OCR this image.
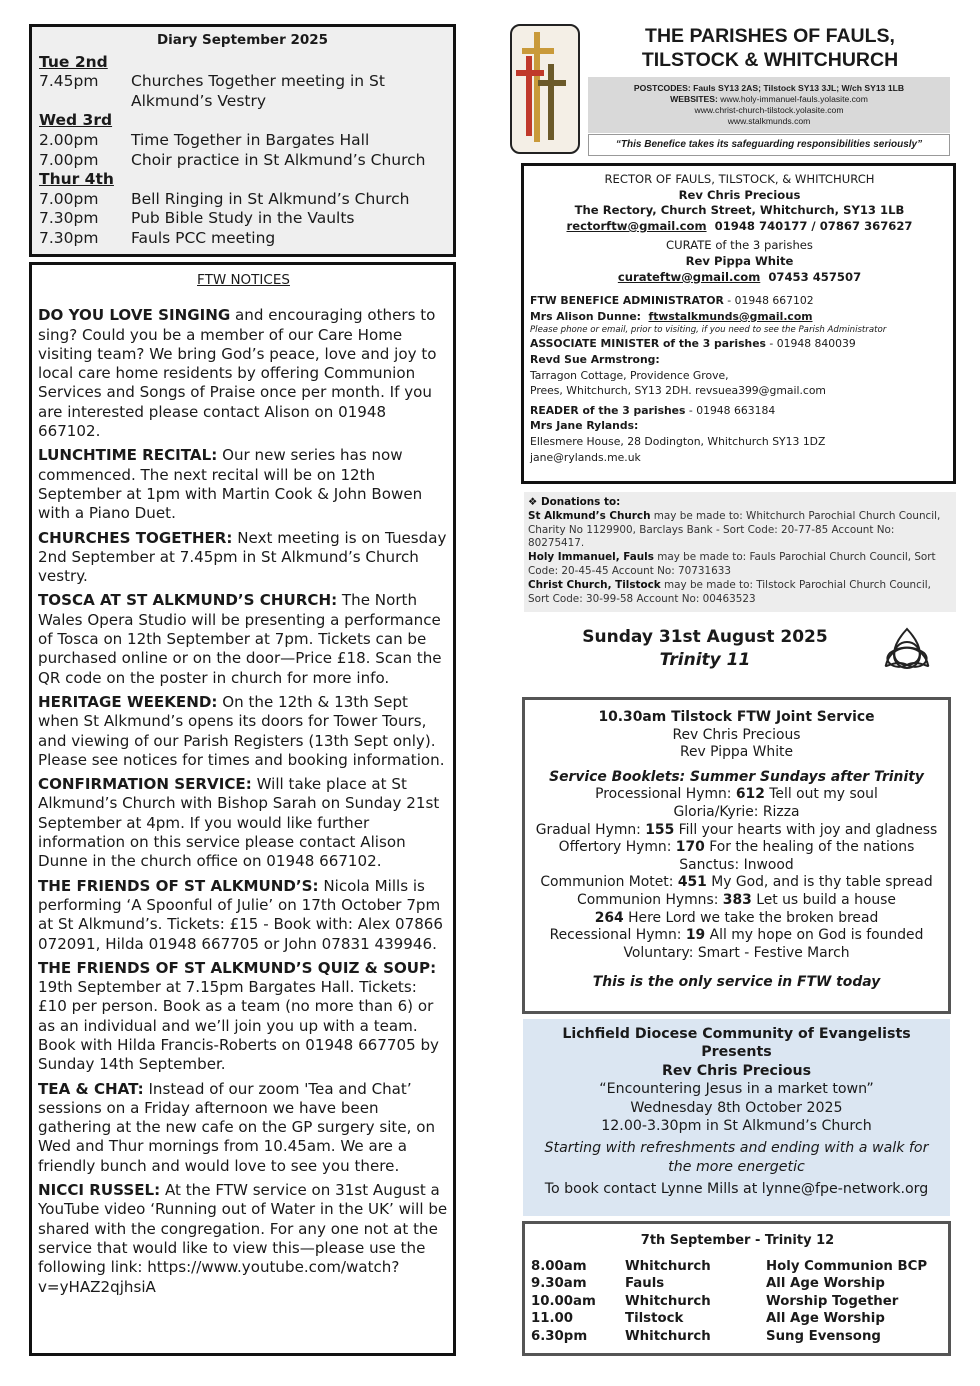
Diary September 2025
Tue 2nd
7.45pm	Churches Together meeting in St Alkmund’s Vestry
Wed 3rd
2.00pm	Time Together in Bargates Hall
7.00pm	Choir practice in St Alkmund’s Church
Thur 4th
7.00pm	Bell Ringing in St Alkmund’s Church
7.30pm	Pub Bible Study in the Vaults
7.30pm	Fauls PCC meeting
FTW NOTICES
DO YOU LOVE SINGING and encouraging others to sing? Could you be a member of our Care Home visiting team? We bring God’s peace, love and joy to local care home residents by offering Communion Services and Songs of Praise once per month. If you are interested please contact Alison on 01948 667102.
LUNCHTIME RECITAL: Our new series has now commenced. The next recital will be on 12th September at 1pm with Martin Cook & John Bowen with a Piano Duet.
CHURCHES TOGETHER: Next meeting is on Tuesday 2nd September at 7.45pm in St Alkmund’s Church vestry.
TOSCA AT ST ALKMUND’S CHURCH: The North Wales Opera Studio will be presenting a performance of Tosca on 12th September at 7pm. Tickets can be purchased online or on the door—Price £18. Scan the QR code on the poster in church for more info.
HERITAGE WEEKEND: On the 12th & 13th Sept when St Alkmund’s opens its doors for Tower Tours, and viewing of our Parish Registers (13th Sept only). Please see notices for times and booking information.
CONFIRMATION SERVICE: Will take place at St Alkmund’s Church with Bishop Sarah on Sunday 21st September at 4pm. If you would like further information on this service please contact Alison Dunne in the church office on 01948 667102.
THE FRIENDS OF ST ALKMUND’S: Nicola Mills is performing ‘A Spoonful of Julie’ on 17th October 7pm at St Alkmund’s. Tickets: £15 - Book with: Alex 07866 072091, Hilda 01948 667705 or John 07831 439946.
THE FRIENDS OF ST ALKMUND’S QUIZ & SOUP: 19th September at 7.15pm Bargates Hall. Tickets: £10 per person. Book as a team (no more than 6) or as an individual and we’ll join you up with a team. Book with Hilda Francis-Roberts on 01948 667705 by Sunday 14th September.
TEA & CHAT: Instead of our zoom 'Tea and Chat’ sessions on a Friday afternoon we have been gathering at the new cafe on the GP surgery site, on Wed and Thur mornings from 10.45am. We are a friendly bunch and would love to see you there.
NICCI RUSSEL: At the FTW service on 31st August a YouTube video ‘Running out of Water in the UK’ will be shared with the congregation. For any one not at the service that would like to view this—please use the following link: https://www.youtube.com/watch?v=yHAZ2qjhsiA
THE PARISHES OF FAULS,
TILSTOCK & WHITCHURCH
POSTCODES: Fauls SY13 2AS; Tilstock SY13 3JL; W/ch SY13 1LB
WEBSITES: www.holy-immanuel-fauls.yolasite.com
www.christ-church-tilstock.yolasite.com
www.stalkmunds.com
“This Benefice takes its safeguarding responsibilities seriously”
RECTOR OF FAULS, TILSTOCK, & WHITCHURCH
Rev Chris Precious
The Rectory, Church Street, Whitchurch, SY13 1LB
rectorftw@gmail.com 01948 740177 / 07867 367627
CURATE of the 3 parishes
Rev Pippa White
curateftw@gmail.com 07453 457507
FTW BENEFICE ADMINISTRATOR - 01948 667102
Mrs Alison Dunne: ftwstalkmunds@gmail.com
Please phone or email, prior to visiting, if you need to see the Parish Administrator
ASSOCIATE MINISTER of the 3 parishes - 01948 840039
Revd Sue Armstrong:
Tarragon Cottage, Providence Grove,
Prees, Whitchurch, SY13 2DH. revsuea399@gmail.com
READER of the 3 parishes - 01948 663184
Mrs Jane Rylands:
Ellesmere House, 28 Dodington, Whitchurch SY13 1DZ
jane@rylands.me.uk
❖ Donations to:
St Alkmund’s Church may be made to: Whitchurch Parochial Church Council, Charity No 1129900, Barclays Bank - Sort Code: 20-77-85 Account No: 80275417.
Holy Immanuel, Fauls may be made to: Fauls Parochial Church Council, Sort Code: 20-45-45 Account No: 70731633
Christ Church, Tilstock may be made to: Tilstock Parochial Church Council, Sort Code: 30-99-58 Account No: 00463523
Sunday 31st August 2025
Trinity 11
10.30am Tilstock FTW Joint Service
Rev Chris Precious
Rev Pippa White
Service Booklets: Summer Sundays after Trinity
Processional Hymn: 612 Tell out my soul
Gloria/Kyrie: Rizza
Gradual Hymn: 155 Fill your hearts with joy and gladness
Offertory Hymn: 170 For the healing of the nations
Sanctus: Inwood
Communion Motet: 451 My God, and is thy table spread
Communion Hymns: 383 Let us build a house
264 Here Lord we take the broken bread
Recessional Hymn: 19 All my hope on God is founded
Voluntary: Smart - Festive March
This is the only service in FTW today
Lichfield Diocese Community of Evangelists
Presents
Rev Chris Precious
“Encountering Jesus in a market town”
Wednesday 8th October 2025
12.00-3.30pm in St Alkmund’s Church
Starting with refreshments and ending with a walk for the more energetic
To book contact Lynne Mills at lynne@fpe-network.org
7th September - Trinity 12
8.00am	Whitchurch	Holy Communion BCP
9.30am	Fauls	All Age Worship
10.00am	Whitchurch	Worship Together
11.00	Tilstock	All Age Worship
6.30pm	Whitchurch	Sung Evensong
